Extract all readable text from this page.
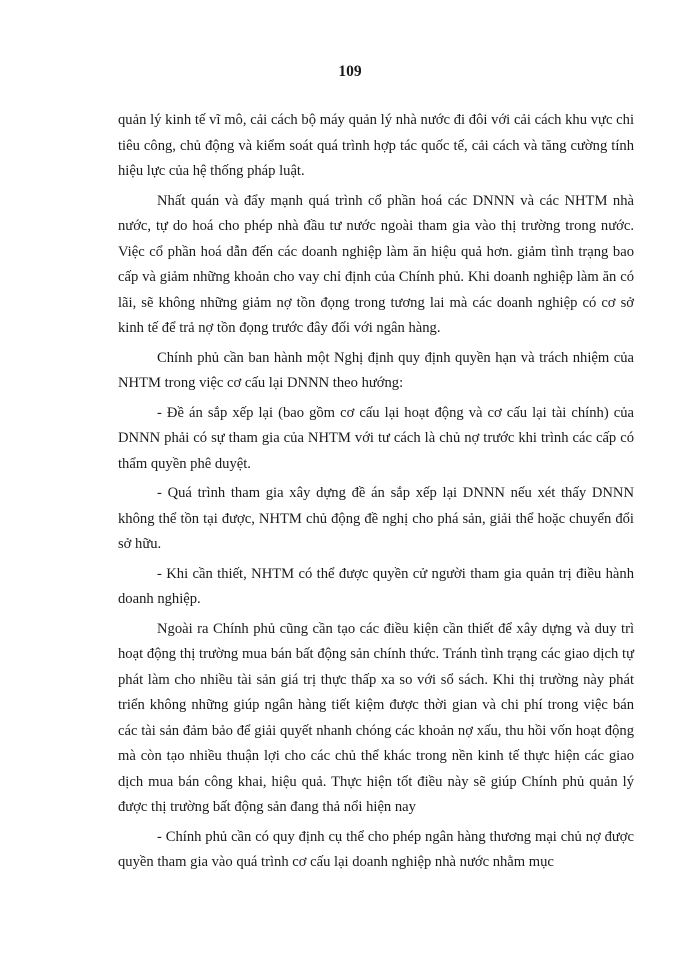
109

quản lý kinh tế vĩ mô, cải cách bộ máy quản lý nhà nước đi đôi với cải cách khu vực chi tiêu công, chủ động và kiểm soát quá trình hợp tác quốc tế, cải cách và tăng cường tính hiệu lực của hệ thống pháp luật.

Nhất quán và đẩy mạnh quá trình cổ phần hoá các DNNN và các NHTM nhà nước, tự do hoá cho phép nhà đầu tư nước ngoài tham gia vào thị trường trong nước. Việc cổ phần hoá dẫn đến các doanh nghiệp làm ăn hiệu quả hơn. giảm tình trạng bao cấp và giảm những khoản cho vay chỉ định của Chính phủ. Khi doanh nghiệp làm ăn có lãi, sẽ không những giảm nợ tồn đọng trong tương lai mà các doanh nghiệp có cơ sở kinh tế để trả nợ tồn đọng trước đây đối với ngân hàng.

Chính phủ cần ban hành một Nghị định quy định quyền hạn và trách nhiệm của NHTM trong việc cơ cấu lại DNNN theo hướng:

- Đề án sắp xếp lại (bao gồm cơ cấu lại hoạt động và cơ cấu lại tài chính) của DNNN phải có sự tham gia của NHTM với tư cách là chủ nợ trước khi trình các cấp có thẩm quyền phê duyệt.

- Quá trình tham gia xây dựng đề án sắp xếp lại DNNN nếu xét thấy DNNN không thể tồn tại được, NHTM chủ động đề nghị cho phá sản, giải thể hoặc chuyển đổi sở hữu.

- Khi cần thiết, NHTM có thể được quyền cử người tham gia quản trị điều hành doanh nghiệp.

Ngoài ra Chính phủ cũng cần tạo các điều kiện cần thiết để xây dựng và duy trì hoạt động thị trường mua bán bất động sản chính thức. Tránh tình trạng các giao dịch tự phát làm cho nhiều tài sản giá trị thực thấp xa so với sổ sách. Khi thị trường này phát triển không những giúp ngân hàng tiết kiệm được thời gian và chi phí trong việc bán các tài sản đảm bảo để giải quyết nhanh chóng các khoản nợ xấu, thu hồi vốn hoạt động mà còn tạo nhiều thuận lợi cho các chủ thể khác trong nền kinh tế thực hiện các giao dịch mua bán công khai, hiệu quả. Thực hiện tốt điều này sẽ giúp Chính phủ quản lý được thị trường bất động sản đang thả nổi hiện nay

- Chính phủ cần có quy định cụ thể cho phép ngân hàng thương mại chủ nợ được quyền tham gia vào quá trình cơ cấu lại doanh nghiệp nhà nước nhằm mục
